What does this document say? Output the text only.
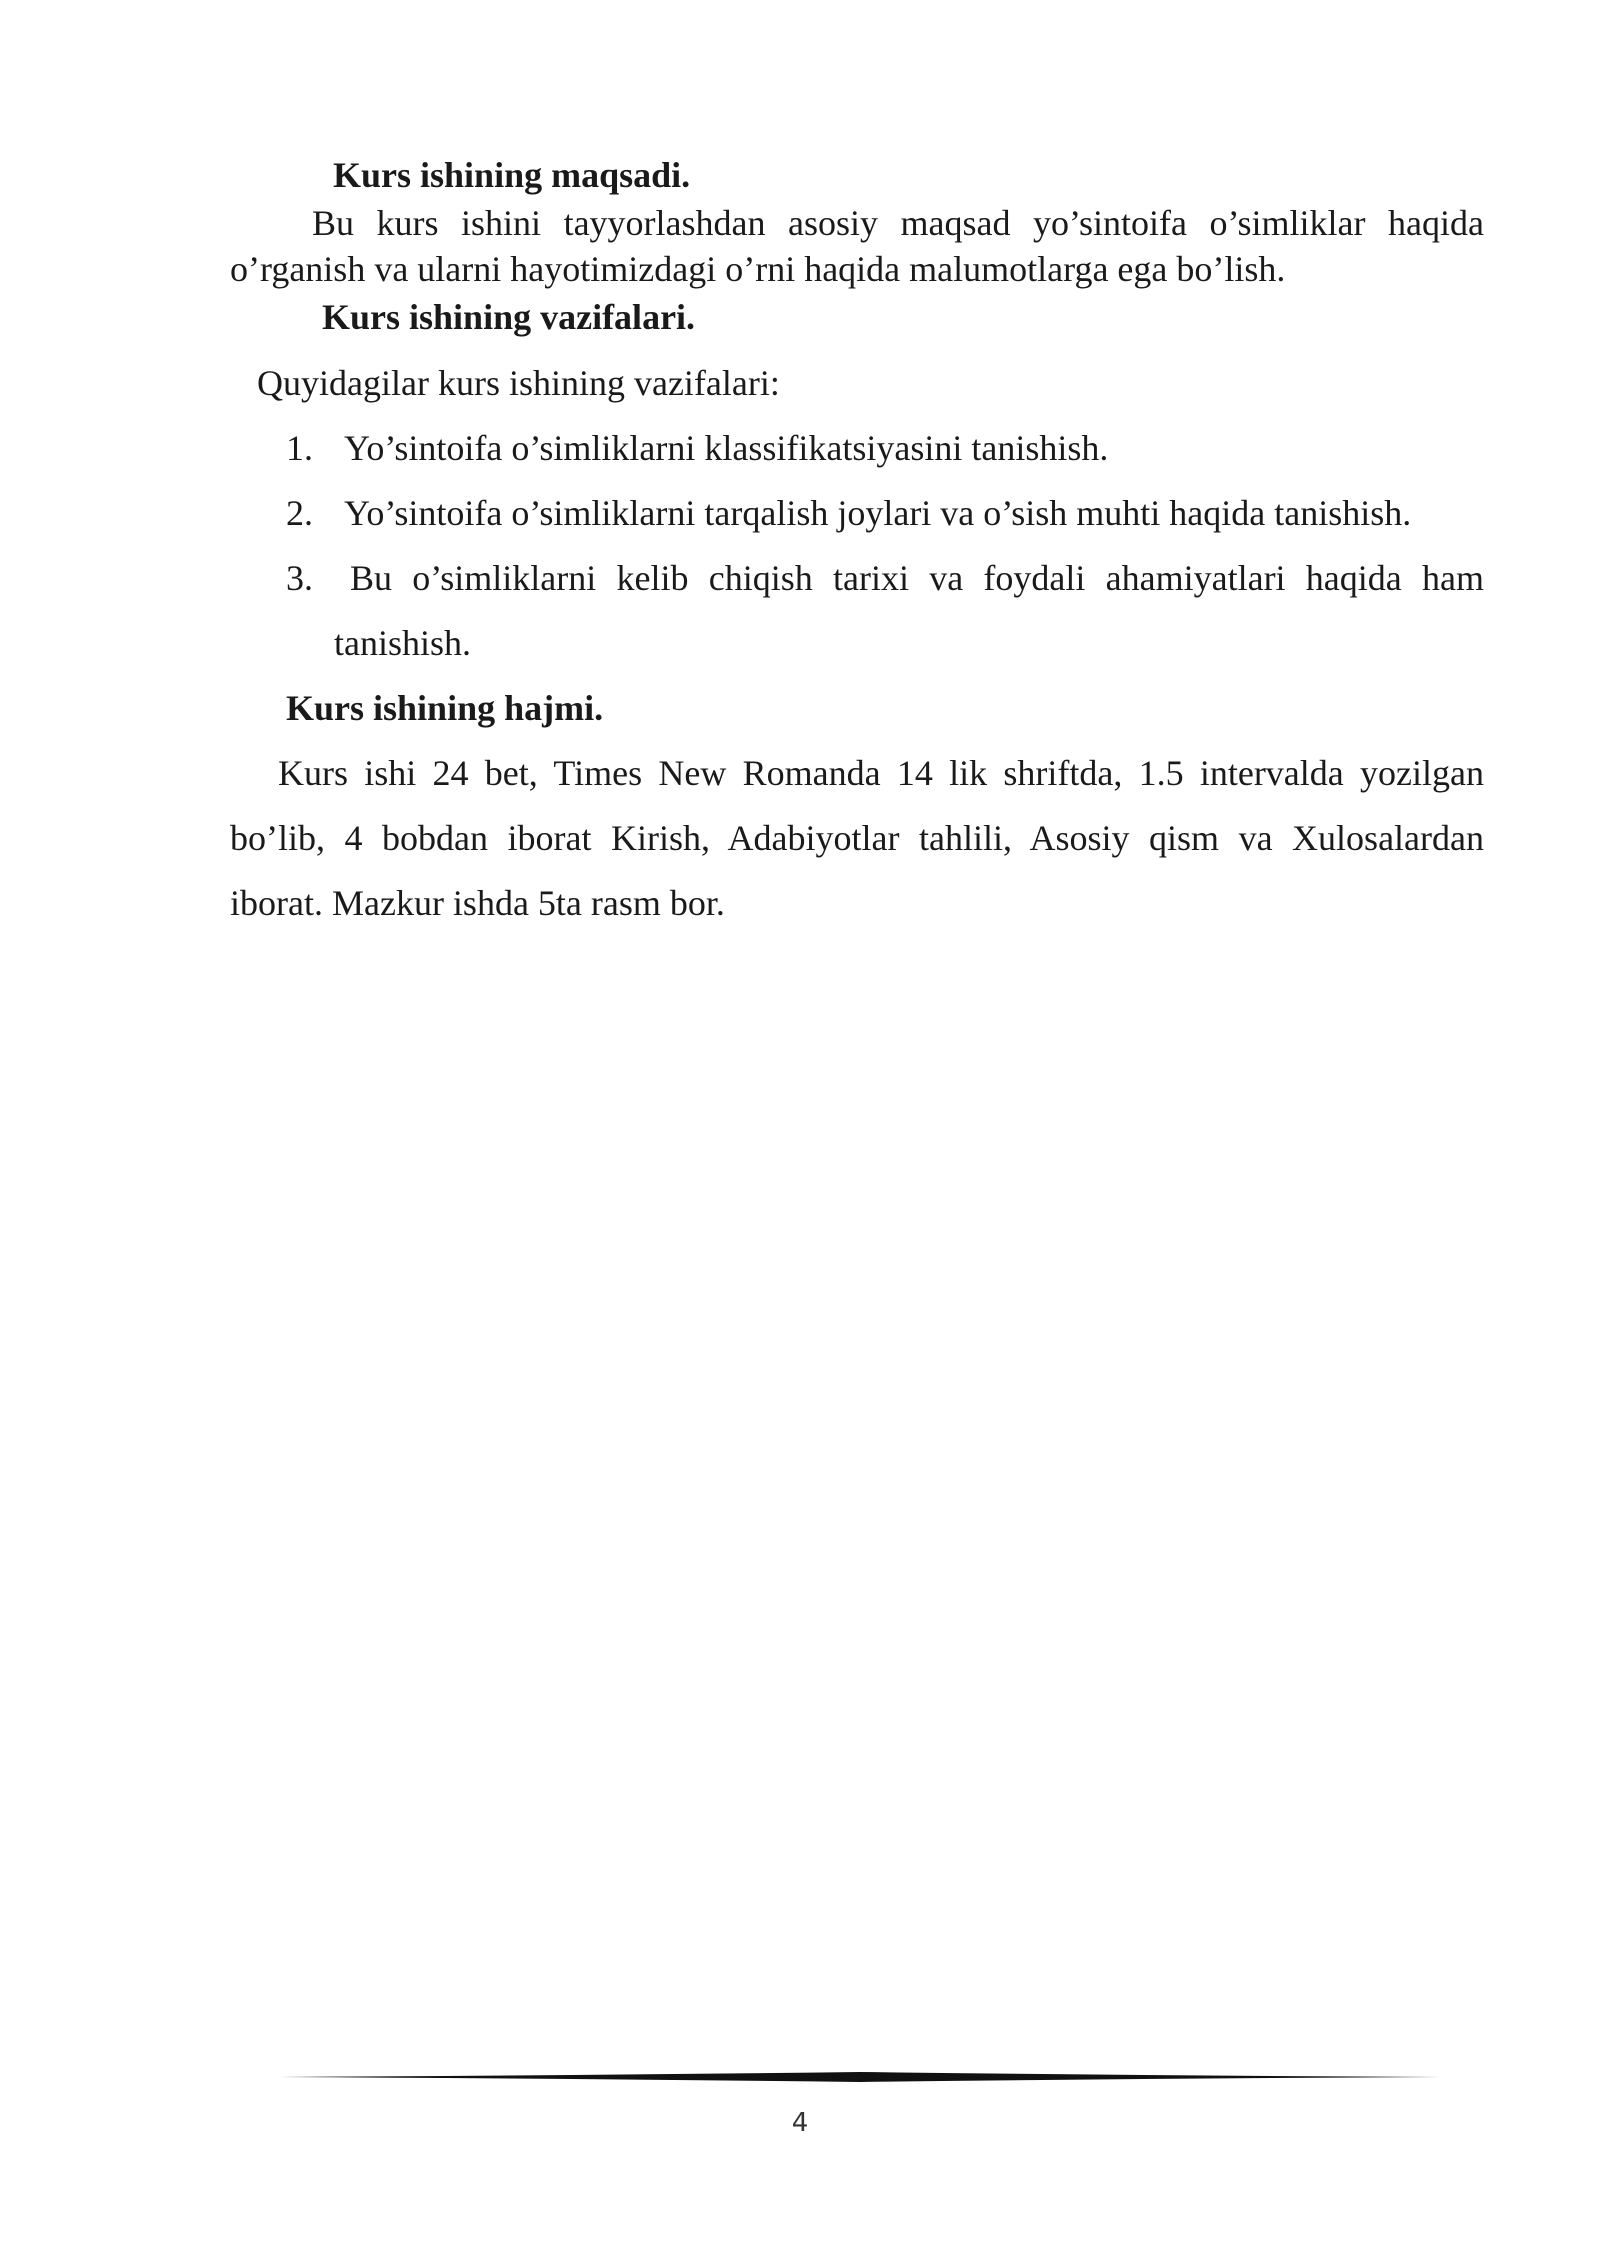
Kurs ishining maqsadi.
Bu kurs ishini tayyorlashdan asosiy maqsad yo’sintoifa o’simliklar haqida
o’rganish va ularni hayotimizdagi o’rni haqida malumotlarga ega bo’lish.
Kurs ishining vazifalari.
Quyidagilar kurs ishining vazifalari:
1. Yo’sintoifa o’simliklarni klassifikatsiyasini tanishish.
2. Yo’sintoifa o’simliklarni tarqalish joylari va o’sish muhti haqida tanishish.
3. Bu o’simliklarni kelib chiqish tarixi va foydali ahamiyatlari haqida ham
tanishish.
Kurs ishining hajmi.
Kurs ishi 24 bet, Times New Romanda 14 lik shriftda, 1.5 intervalda yozilgan
bo’lib, 4 bobdan iborat Kirish, Adabiyotlar tahlili, Asosiy qism va Xulosalardan
iborat. Mazkur ishda 5ta rasm bor.
4
